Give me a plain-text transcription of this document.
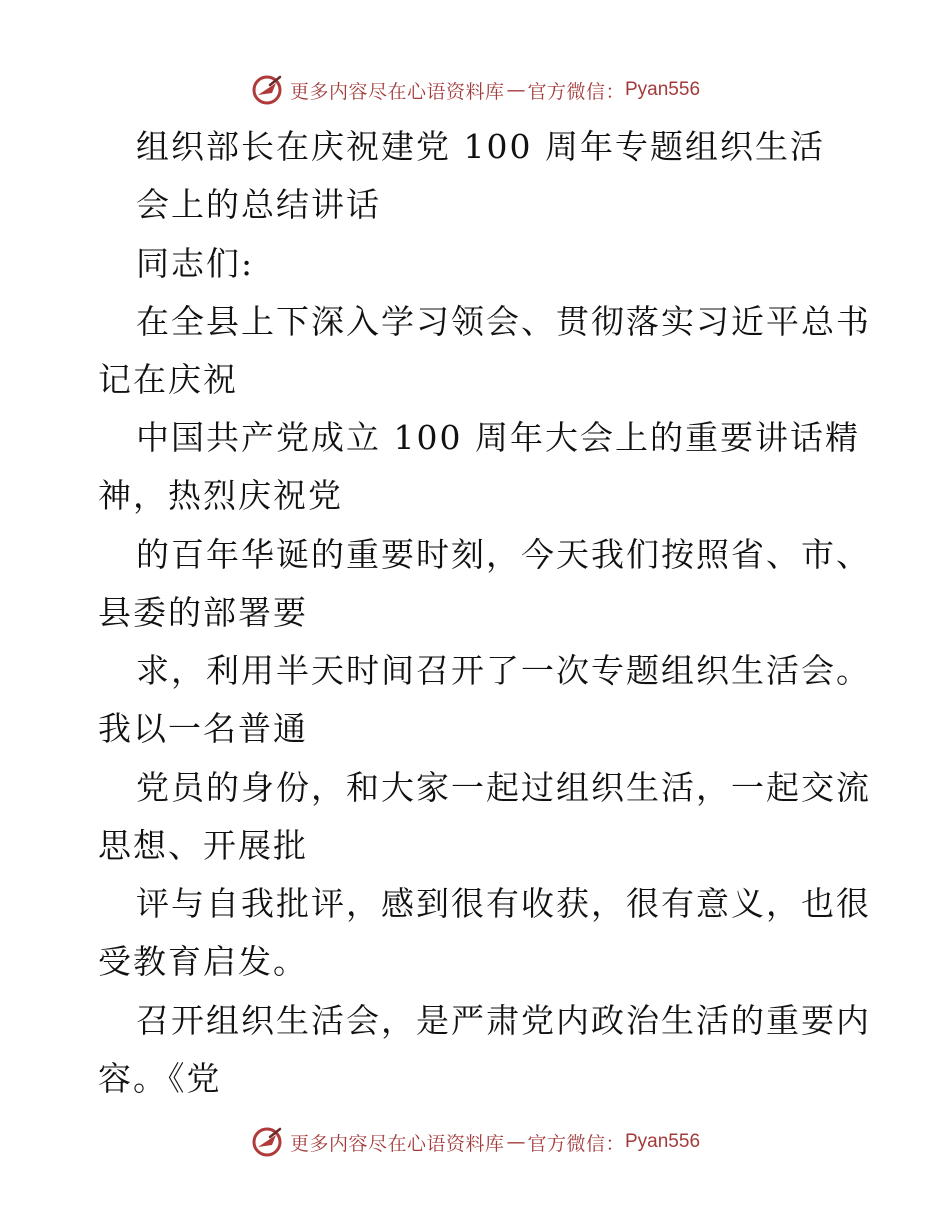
更多内容尽在心语资料库 — 官方微信： Pyan556
组织部长在庆祝建党 100 周年专题组织生活
会上的总结讲话
同志们:
在全县上下深入学习领会、贯彻落实习近平总书
记在庆祝
中国共产党成立 100 周年大会上的重要讲话精
神，热烈庆祝党
的百年华诞的重要时刻，今天我们按照省、市、
县委的部署要
求，利用半天时间召开了一次专题组织生活会。
我以一名普通
党员的身份，和大家一起过组织生活，一起交流
思想、开展批
评与自我批评，感到很有收获，很有意义，也很
受教育启发。
召开组织生活会，是严肃党内政治生活的重要内
容。《党
更多内容尽在心语资料库 — 官方微信： Pyan556
